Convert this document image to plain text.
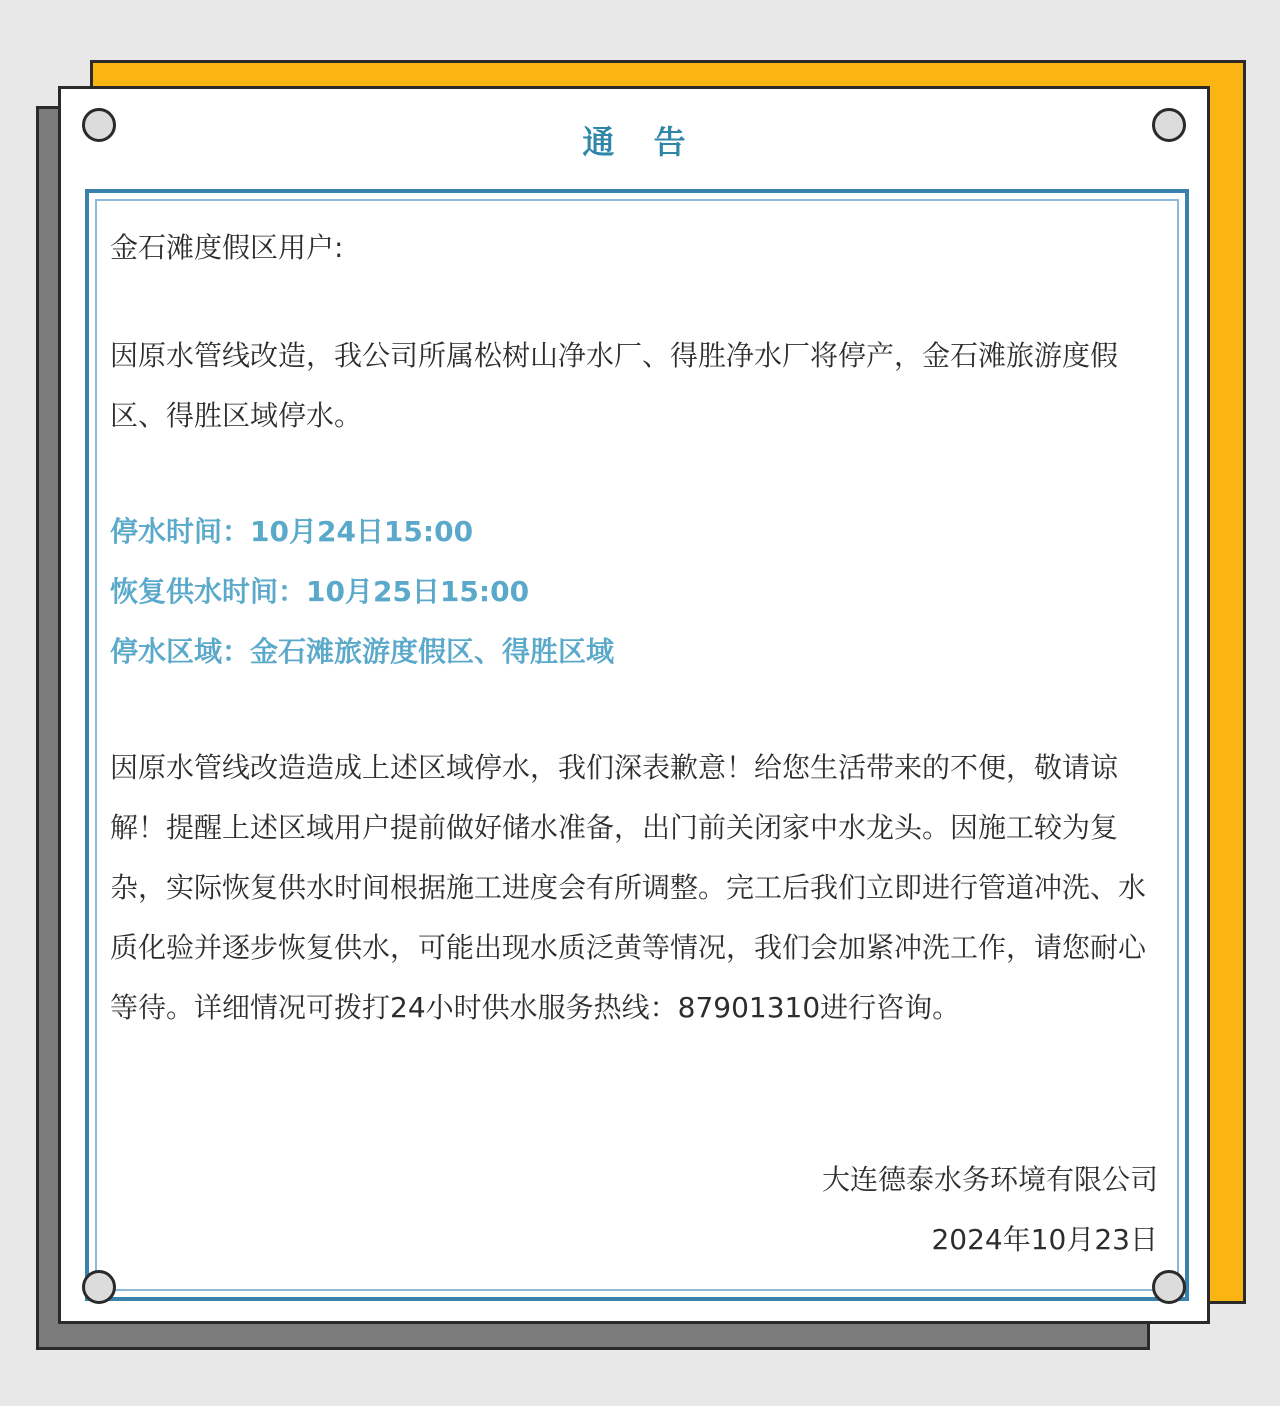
通 告

金石滩度假区用户:

因原水管线改造，我公司所属松树山净水厂、得胜净水厂将停产，金石滩旅游度假区、得胜区域停水。

停水时间：10月24日15:00

恢复供水时间：10月25日15:00

停水区域：金石滩旅游度假区、得胜区域

因原水管线改造造成上述区域停水，我们深表歉意！给您生活带来的不便，敬请谅解！提醒上述区域用户提前做好储水准备，出门前关闭家中水龙头。因施工较为复杂，实际恢复供水时间根据施工进度会有所调整。完工后我们立即进行管道冲洗、水质化验并逐步恢复供水，可能出现水质泛黄等情况，我们会加紧冲洗工作，请您耐心等待。详细情况可拨打24小时供水服务热线：87901310进行咨询。

大连德泰水务环境有限公司
2024年10月23日
